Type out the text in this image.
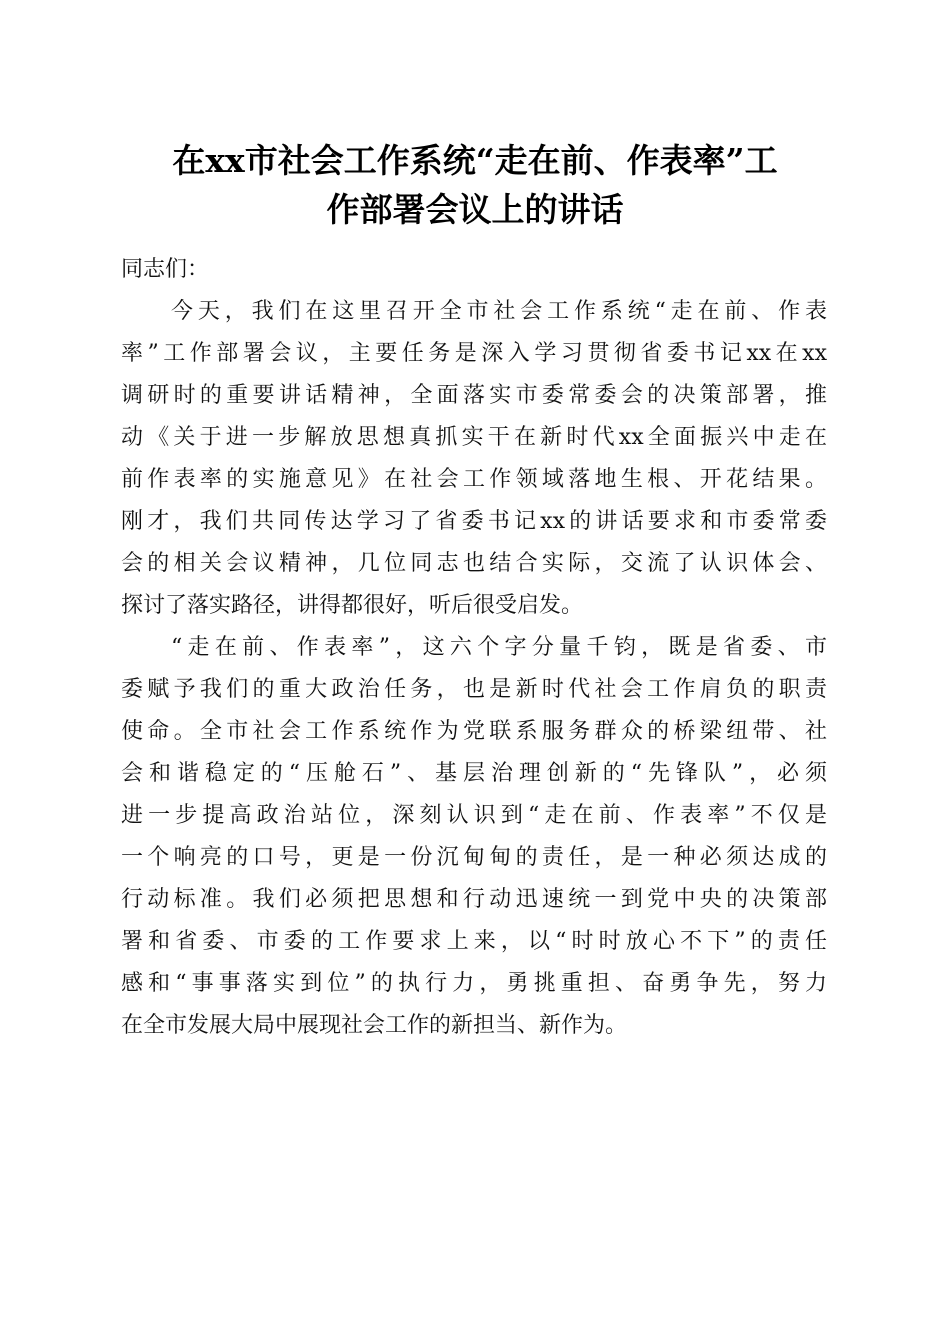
在xx市社会工作系统“走在前、作表率”工
作部署会议上的讲话
同志们：
今天，我们在这里召开全市社会工作系统“走在前、作表
率”工作部署会议，主要任务是深入学习贯彻省委书记xx在xx
调研时的重要讲话精神，全面落实市委常委会的决策部署，推
动《关于进一步解放思想真抓实干在新时代xx全面振兴中走在
前作表率的实施意见》在社会工作领域落地生根、开花结果。
刚才，我们共同传达学习了省委书记xx的讲话要求和市委常委
会的相关会议精神，几位同志也结合实际，交流了认识体会、
探讨了落实路径，讲得都很好，听后很受启发。
“走在前、作表率”，这六个字分量千钧，既是省委、市
委赋予我们的重大政治任务，也是新时代社会工作肩负的职责
使命。全市社会工作系统作为党联系服务群众的桥梁纽带、社
会和谐稳定的“压舱石”、基层治理创新的“先锋队”，必须
进一步提高政治站位，深刻认识到“走在前、作表率”不仅是
一个响亮的口号，更是一份沉甸甸的责任，是一种必须达成的
行动标准。我们必须把思想和行动迅速统一到党中央的决策部
署和省委、市委的工作要求上来，以“时时放心不下”的责任
感和“事事落实到位”的执行力，勇挑重担、奋勇争先，努力
在全市发展大局中展现社会工作的新担当、新作为。
